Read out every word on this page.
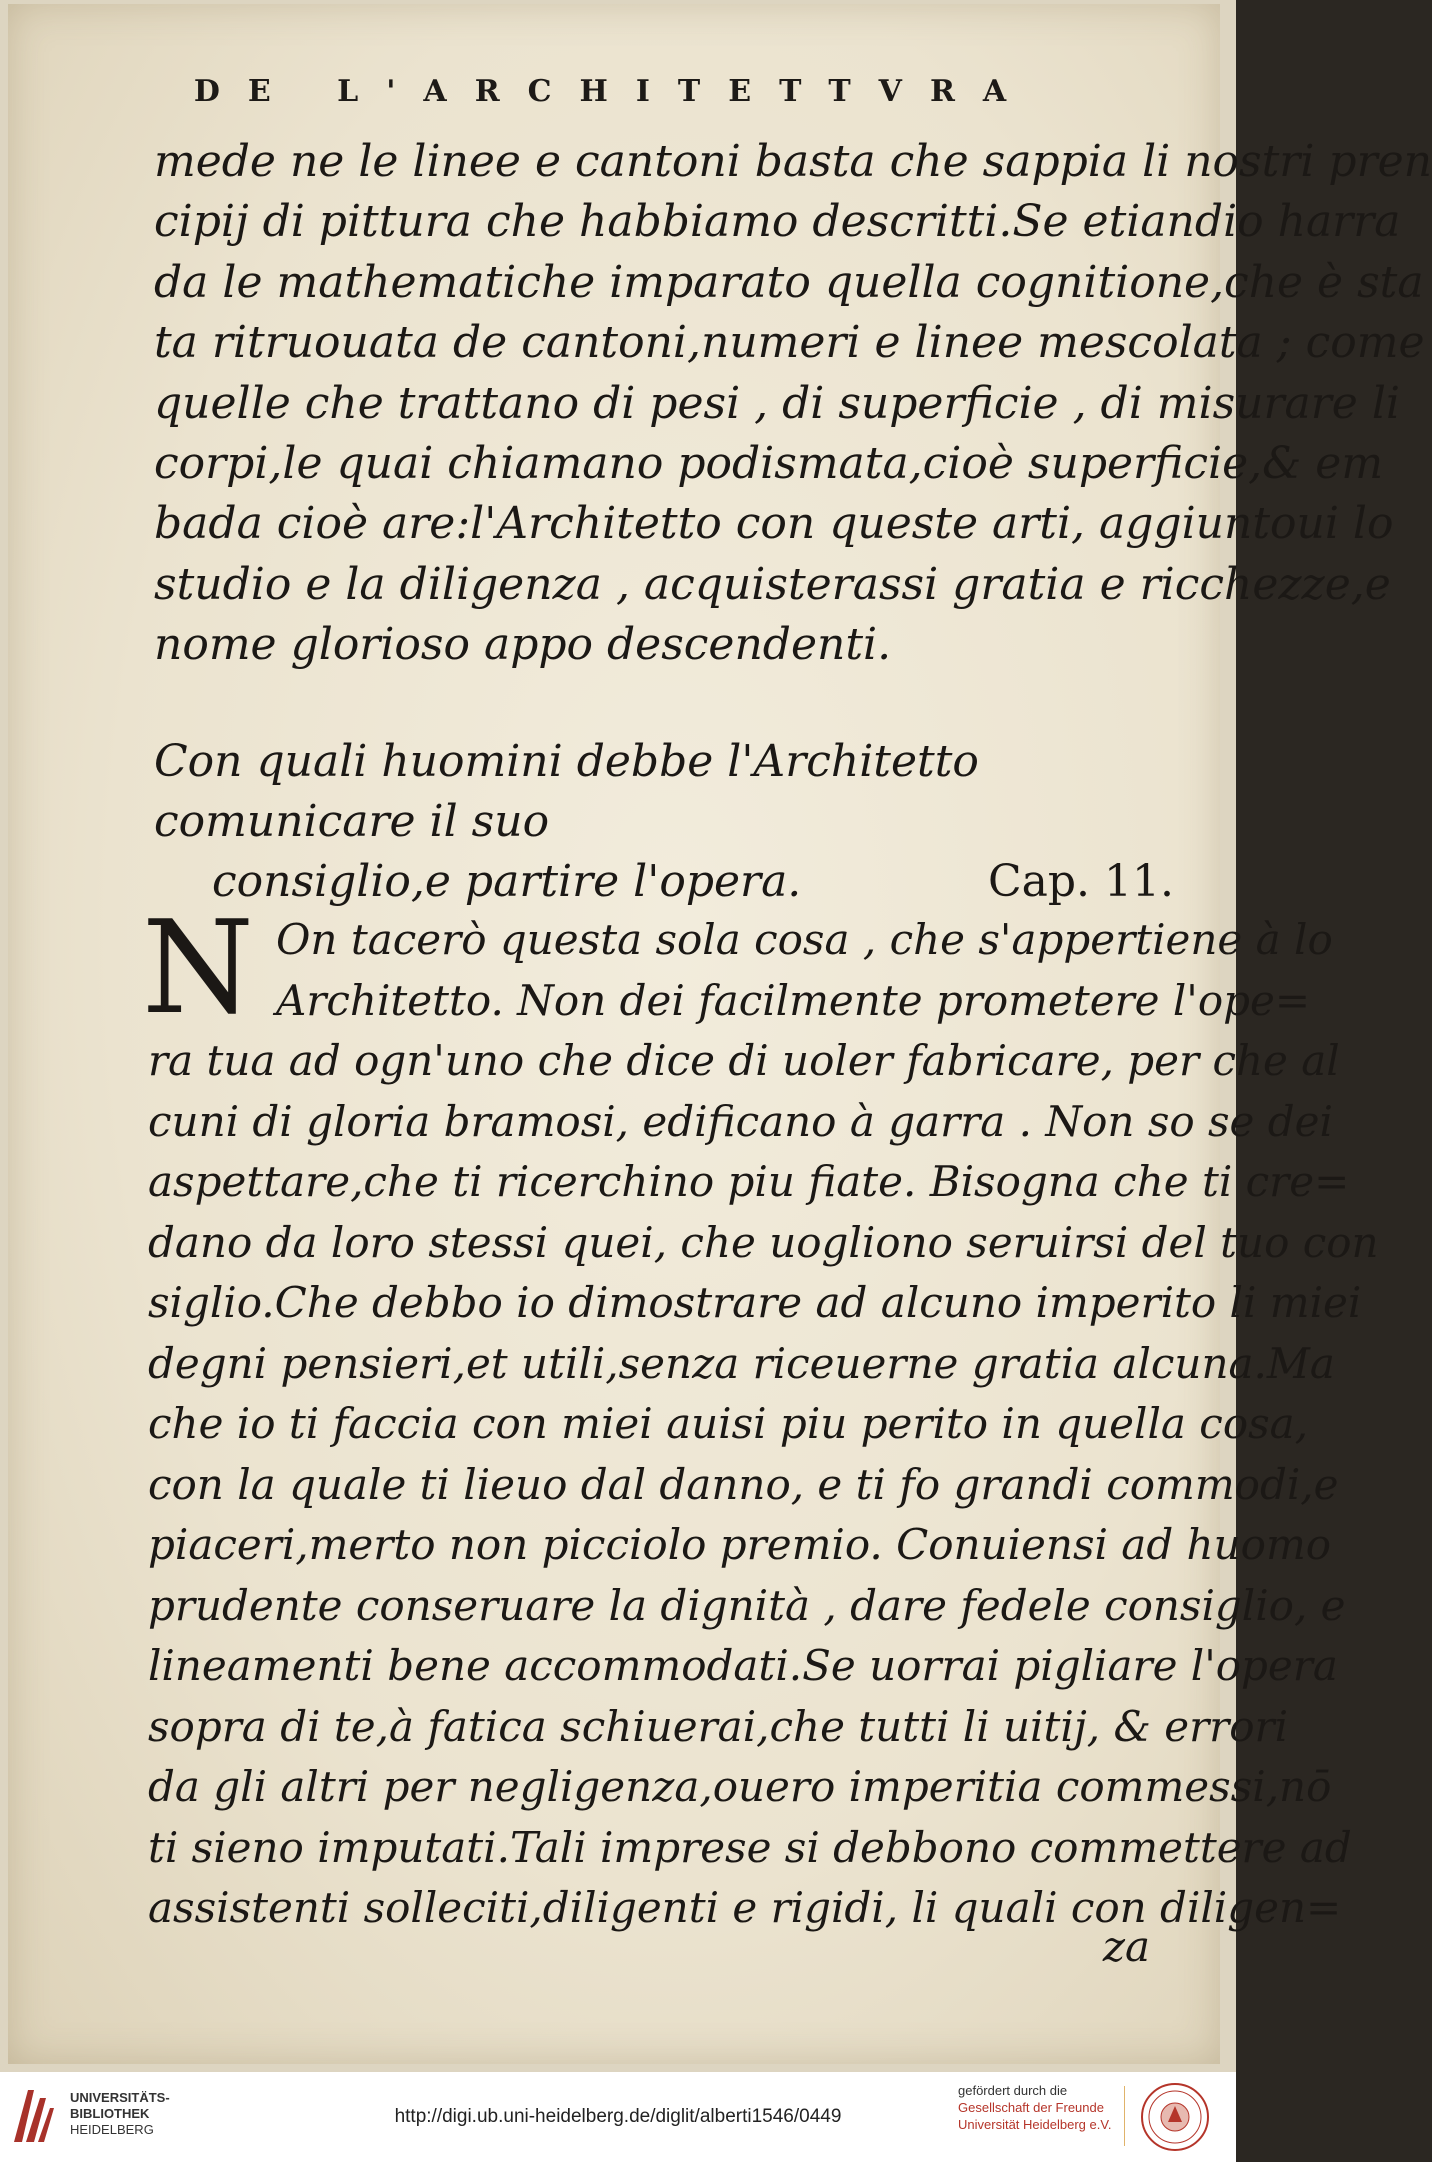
DE L'ARCHITETTVRA
mede ne le linee e cantoni basta che sappia li nostri pren
cipij di pittura che habbiamo descritti.Se etiandio harra
da le mathematiche imparato quella cognitione,che è sta
ta ritruouata de cantoni,numeri e linee mescolata ; come
quelle che trattano di pesi , di superficie , di misurare li
corpi,le quai chiamano podismata,cioè superficie,& em
bada cioè are:l'Architetto con queste arti, aggiuntoui lo
studio e la diligenza , acquisterassi gratia e ricchezze,e
nome glorioso appo descendenti.
Con quali huomini debbe l'Architetto comunicare il suo
consiglio,e partire l'opera.	Cap. 11.
N On tacerò questa sola cosa , che s'appertiene à lo
Architetto. Non dei facilmente prometere l'ope=
ra tua ad ogn'uno che dice di uoler fabricare, per che al
cuni di gloria bramosi, edificano à garra . Non so se dei
aspettare,che ti ricerchino piu fiate. Bisogna che ti cre=
dano da loro stessi quei, che uogliono seruirsi del tuo con
siglio.Che debbo io dimostrare ad alcuno imperito li miei
degni pensieri,et utili,senza riceuerne gratia alcuna.Ma
che io ti faccia con miei auisi piu perito in quella cosa,
con la quale ti lieuo dal danno, e ti fo grandi commodi,e
piaceri,merto non picciolo premio. Conuiensi ad huomo
prudente conseruare la dignità , dare fedele consiglio, e
lineamenti bene accommodati.Se uorrai pigliare l'opera
sopra di te,à fatica schiuerai,che tutti li uitij, & errori
da gli altri per negligenza,ouero imperitia commessi,nō
ti sieno imputati.Tali imprese si debbono commettere ad
assistenti solleciti,diligenti e rigidi, li quali con diligen=
za
UNIVERSITÄTS-
BIBLIOTHEK
HEIDELBERG
http://digi.ub.uni-heidelberg.de/diglit/alberti1546/0449
gefördert durch die
Gesellschaft der Freunde
Universität Heidelberg e.V.
